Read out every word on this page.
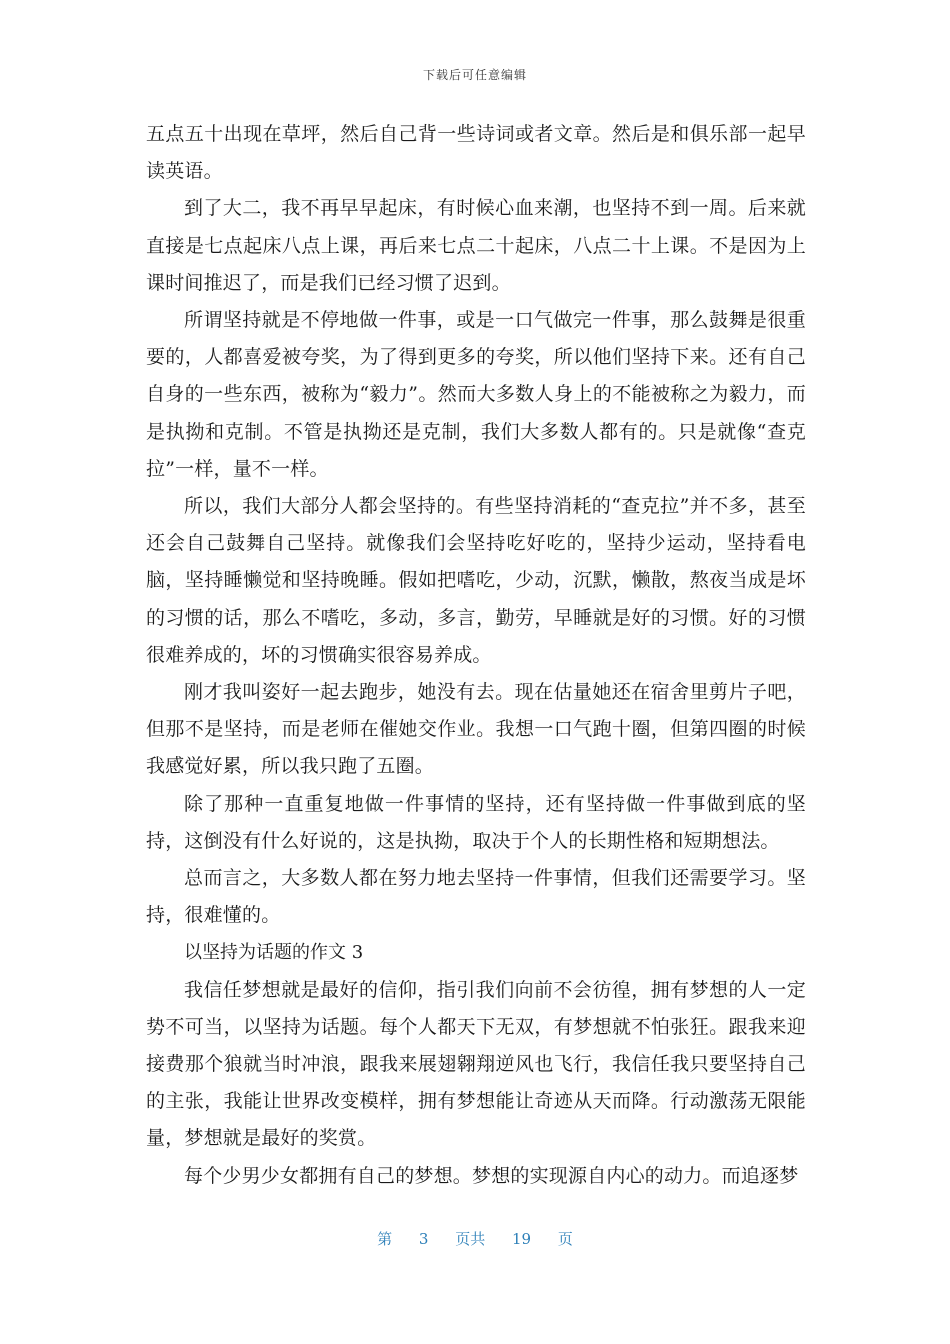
下载后可任意编辑

五点五十出现在草坪，然后自己背一些诗词或者文章。然后是和俱乐部一起早读英语。

到了大二，我不再早早起床，有时候心血来潮，也坚持不到一周。后来就直接是七点起床八点上课，再后来七点二十起床，八点二十上课。不是因为上课时间推迟了，而是我们已经习惯了迟到。

所谓坚持就是不停地做一件事，或是一口气做完一件事，那么鼓舞是很重要的，人都喜爱被夸奖，为了得到更多的夸奖，所以他们坚持下来。还有自己自身的一些东西，被称为“毅力”。然而大多数人身上的不能被称之为毅力，而是执拗和克制。不管是执拗还是克制，我们大多数人都有的。只是就像“查克拉”一样，量不一样。

所以，我们大部分人都会坚持的。有些坚持消耗的“查克拉”并不多，甚至还会自己鼓舞自己坚持。就像我们会坚持吃好吃的，坚持少运动，坚持看电脑，坚持睡懒觉和坚持晚睡。假如把嗜吃，少动，沉默，懒散，熬夜当成是坏的习惯的话，那么不嗜吃，多动，多言，勤劳，早睡就是好的习惯。好的习惯很难养成的，坏的习惯确实很容易养成。

刚才我叫姿好一起去跑步，她没有去。现在估量她还在宿舍里剪片子吧，但那不是坚持，而是老师在催她交作业。我想一口气跑十圈，但第四圈的时候我感觉好累，所以我只跑了五圈。

除了那种一直重复地做一件事情的坚持，还有坚持做一件事做到底的坚持，这倒没有什么好说的，这是执拗，取决于个人的长期性格和短期想法。

总而言之，大多数人都在努力地去坚持一件事情，但我们还需要学习。坚持，很难懂的。

以坚持为话题的作文 3

我信任梦想就是最好的信仰，指引我们向前不会彷徨，拥有梦想的人一定势不可当，以坚持为话题。每个人都天下无双，有梦想就不怕张狂。跟我来迎接费那个狼就当时冲浪，跟我来展翅翱翔逆风也飞行，我信任我只要坚持自己的主张，我能让世界改变模样，拥有梦想能让奇迹从天而降。行动激荡无限能量，梦想就是最好的奖赏。

每个少男少女都拥有自己的梦想。梦想的实现源自内心的动力。而追逐梦

第 3 页共 19 页
